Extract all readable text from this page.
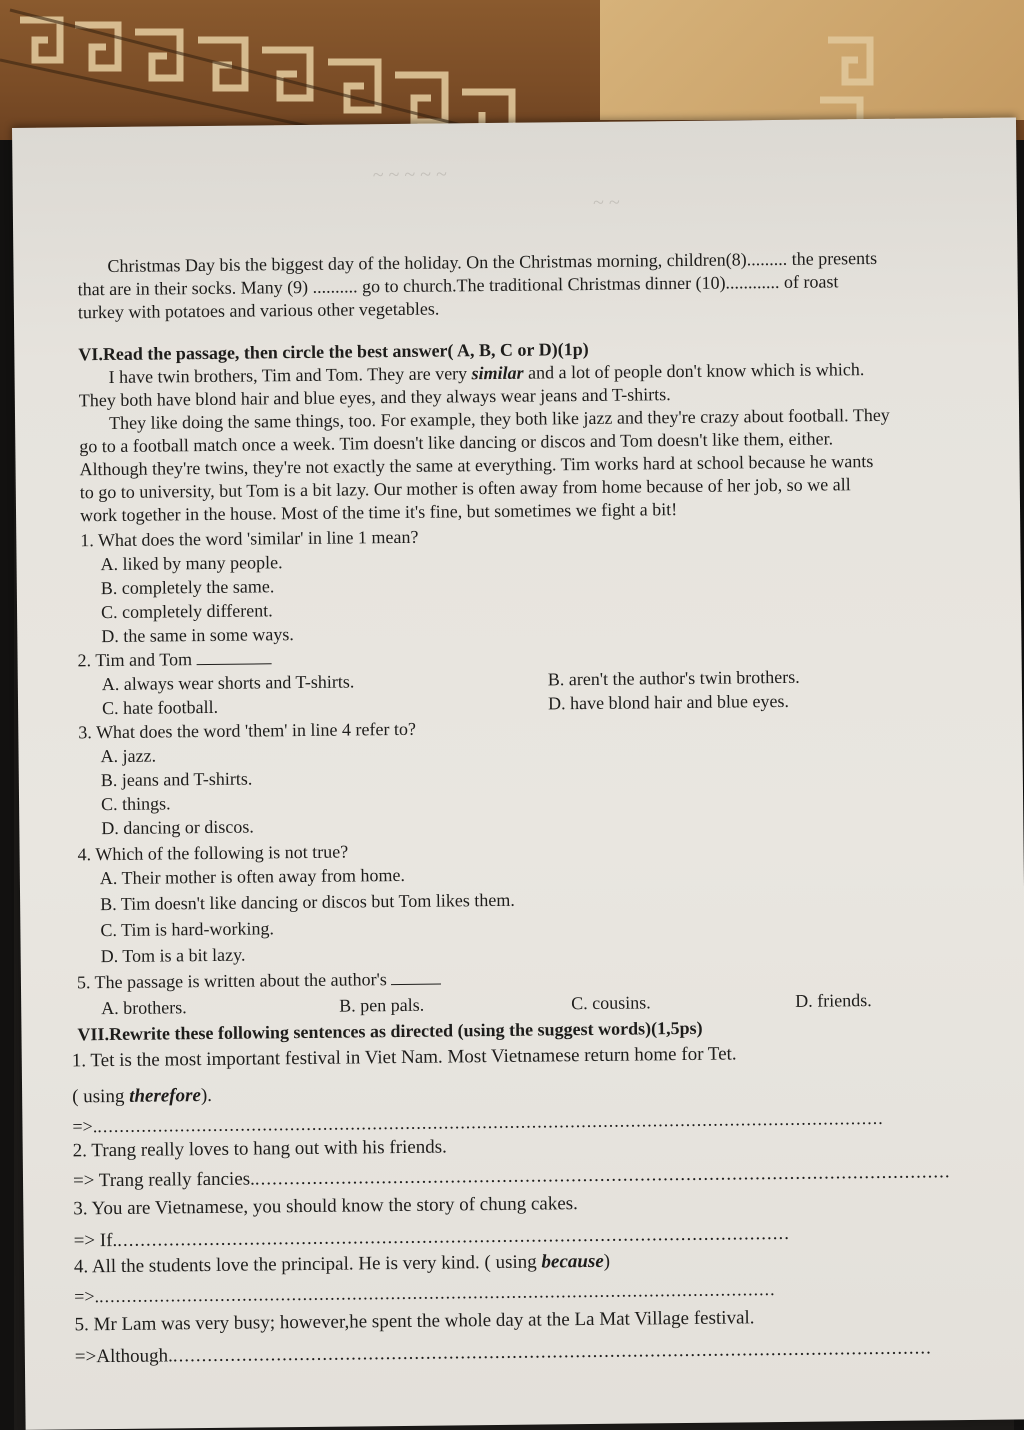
~ ~ ~ ~ ~
~ ~
Christmas Day bis the biggest day of the holiday. On the Christmas morning, children(8)......... the presents
that are in their socks. Many (9) .......... go to church.The traditional Christmas dinner (10)............ of roast
turkey with potatoes and various other vegetables.
VI.Read the passage, then circle the best answer( A, B, C or D)(1p)
I have twin brothers, Tim and Tom. They are very similar and a lot of people don't know which is which.
They both have blond hair and blue eyes, and they always wear jeans and T-shirts.
They like doing the same things, too. For example, they both like jazz and they're crazy about football. They
go to a football match once a week. Tim doesn't like dancing or discos and Tom doesn't like them, either.
Although they're twins, they're not exactly the same at everything. Tim works hard at school because he wants
to go to university, but Tom is a bit lazy. Our mother is often away from home because of her job, so we all
work together in the house. Most of the time it's fine, but sometimes we fight a bit!
1. What does the word 'similar' in line 1 mean?
A. liked by many people.
B. completely the same.
C. completely different.
D. the same in some ways.
2. Tim and Tom
A. always wear shorts and T-shirts.	B. aren't the author's twin brothers.
C. hate football.	D. have blond hair and blue eyes.
3. What does the word 'them' in line 4 refer to?
A. jazz.
B. jeans and T-shirts.
C. things.
D. dancing or discos.
4. Which of the following is not true?
A. Their mother is often away from home.
B. Tim doesn't like dancing or discos but Tom likes them.
C. Tim is hard-working.
D. Tom is a bit lazy.
5. The passage is written about the author's
A. brothers.	B. pen pals.	C. cousins.	D. friends.
VII.Rewrite these following sentences as directed (using the suggest words)(1,5ps)
1. Tet is the most important festival in Viet Nam. Most Vietnamese return home for Tet.
( using therefore).
=>................................................................................................................................................
2. Trang really loves to hang out with his friends.
=> Trang really fancies..........................................................................................................................
3. You are Vietnamese, you should know the story of chung cakes.
=> If......................................................................................................................
4. All the students love the principal. He is very kind. ( using because)
=>............................................................................................................................
5. Mr Lam was very busy; however,he spent the whole day at the La Mat Village festival.
=>Although.....................................................................................................................................
